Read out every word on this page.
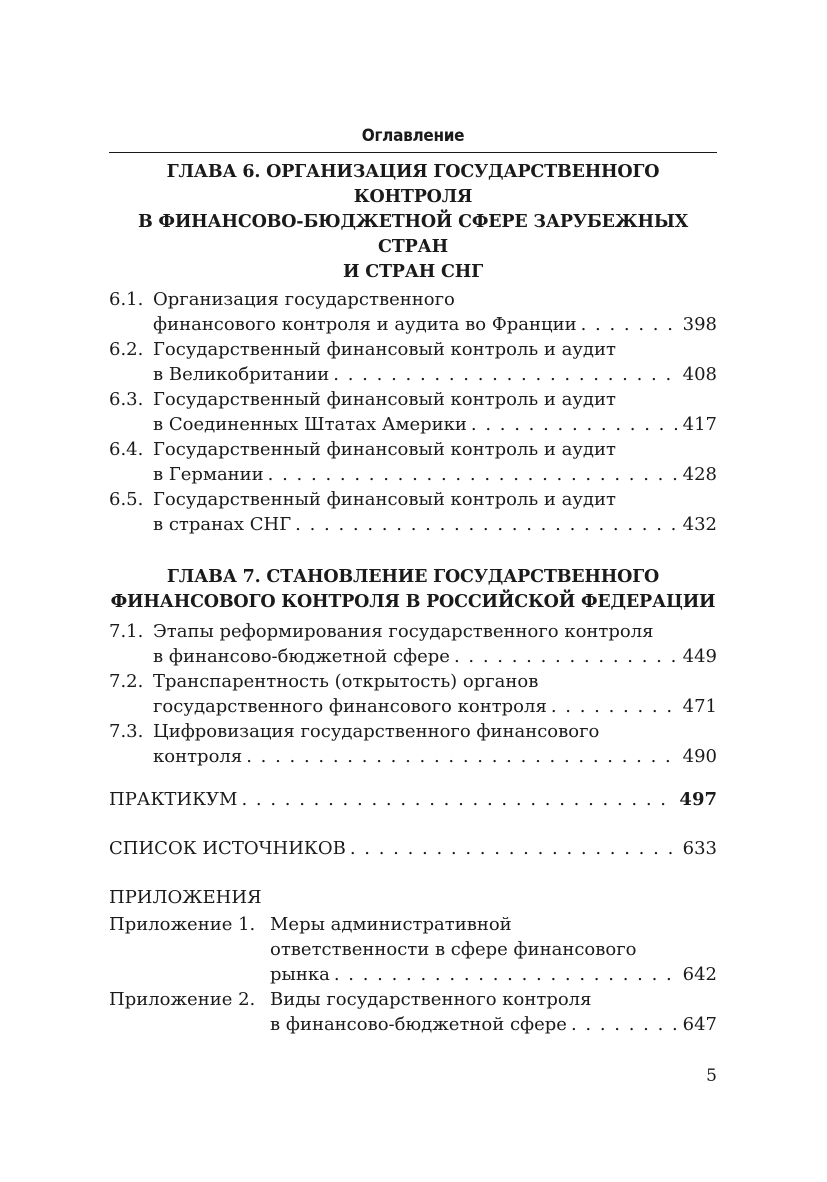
Оглавление
ГЛАВА 6. ОРГАНИЗАЦИЯ ГОСУДАРСТВЕННОГО КОНТРОЛЯ
В ФИНАНСОВО-БЮДЖЕТНОЙ СФЕРЕ ЗАРУБЕЖНЫХ СТРАН
И СТРАН СНГ
6.1. Организация государственного
финансового контроля и аудита во Франции . . .	398
6.2. Государственный финансовый контроль и аудит
в Великобритании . . .	408
6.3. Государственный финансовый контроль и аудит
в Соединенных Штатах Америки . . .	417
6.4. Государственный финансовый контроль и аудит
в Германии . . .	428
6.5. Государственный финансовый контроль и аудит
в странах СНГ . . .	432
ГЛАВА 7. СТАНОВЛЕНИЕ ГОСУДАРСТВЕННОГО
ФИНАНСОВОГО КОНТРОЛЯ В РОССИЙСКОЙ ФЕДЕРАЦИИ
7.1. Этапы реформирования государственного контроля
в финансово-бюджетной сфере . . .	449
7.2. Транспарентность (открытость) органов
государственного финансового контроля . . .	471
7.3. Цифровизация государственного финансового
контроля . . .	490
ПРАКТИКУМ . . .	497
СПИСОК ИСТОЧНИКОВ . . .	633
ПРИЛОЖЕНИЯ
Приложение 1. Меры административной
ответственности в сфере финансового
рынка . . .	642
Приложение 2. Виды государственного контроля
в финансово-бюджетной сфере . . .	647
5
